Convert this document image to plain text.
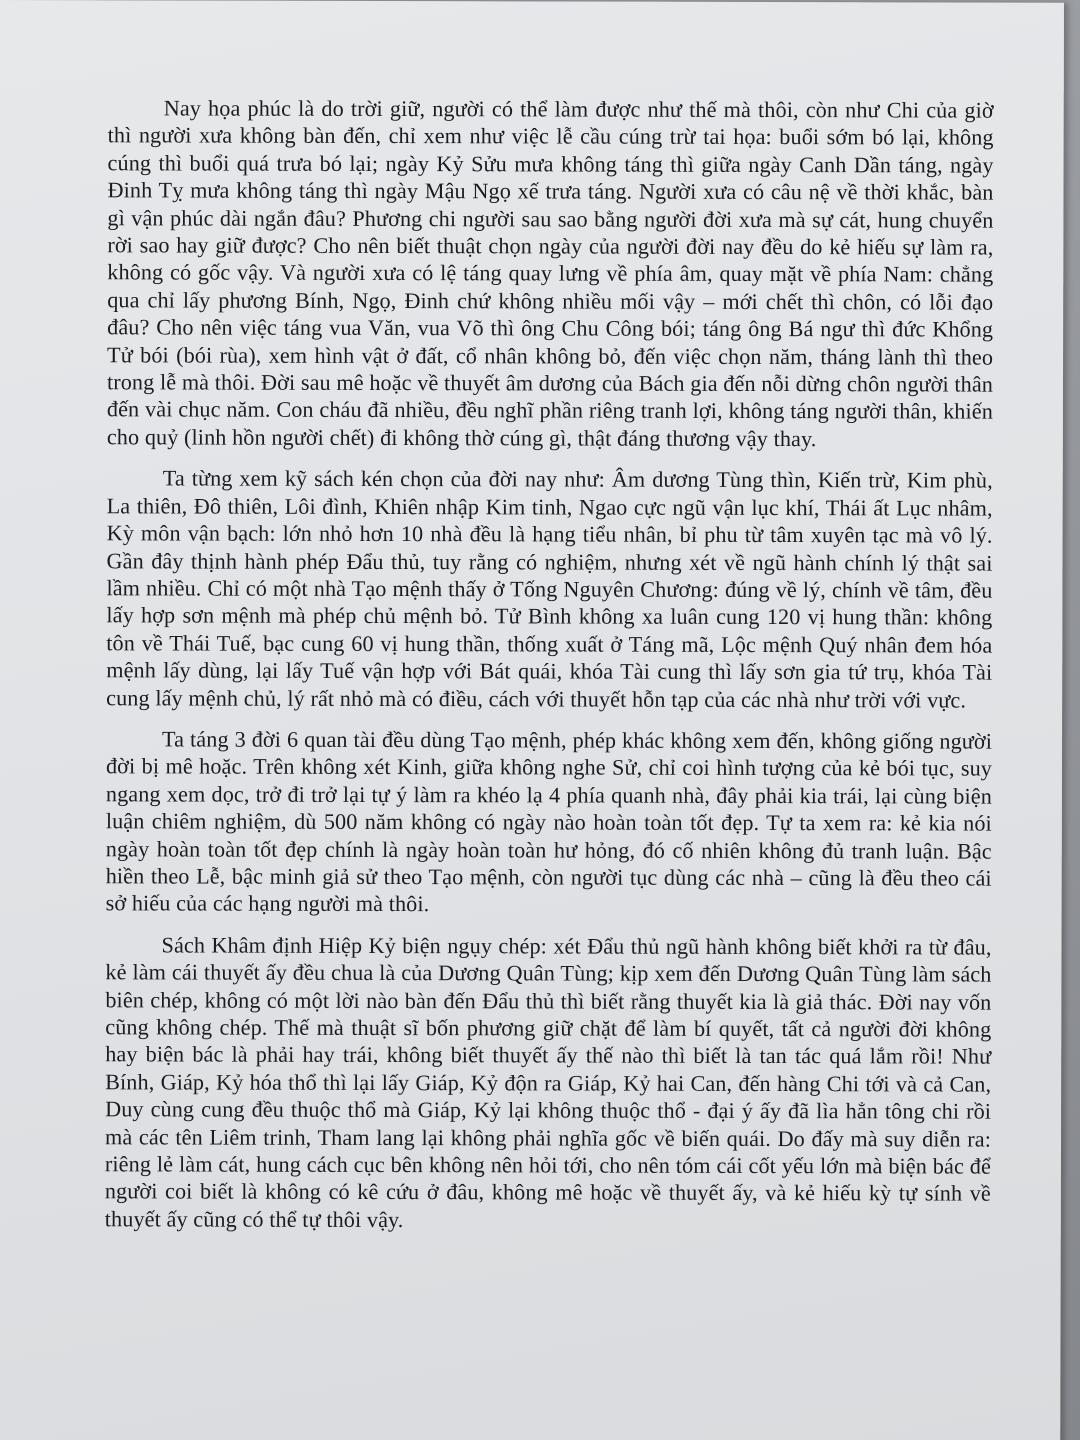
Nay họa phúc là do trời giữ, người có thể làm được như thế mà thôi, còn như Chi của giờ thì người xưa không bàn đến, chỉ xem như việc lễ cầu cúng trừ tai họa: buổi sớm bó lại, không cúng thì buổi quá trưa bó lại; ngày Kỷ Sửu mưa không táng thì giữa ngày Canh Dần táng, ngày Đinh Tỵ mưa không táng thì ngày Mậu Ngọ xế trưa táng. Người xưa có câu nệ về thời khắc, bàn gì vận phúc dài ngắn đâu? Phương chi người sau sao bằng người đời xưa mà sự cát, hung chuyển rời sao hay giữ được? Cho nên biết thuật chọn ngày của người đời nay đều do kẻ hiếu sự làm ra, không có gốc vậy. Và người xưa có lệ táng quay lưng về phía âm, quay mặt về phía Nam: chẳng qua chỉ lấy phương Bính, Ngọ, Đinh chứ không nhiều mối vậy – mới chết thì chôn, có lỗi đạo đâu? Cho nên việc táng vua Văn, vua Võ thì ông Chu Công bói; táng ông Bá ngư thì đức Khổng Tử bói (bói rùa), xem hình vật ở đất, cổ nhân không bỏ, đến việc chọn năm, tháng lành thì theo trong lễ mà thôi. Đời sau mê hoặc về thuyết âm dương của Bách gia đến nỗi dừng chôn người thân đến vài chục năm. Con cháu đã nhiều, đều nghĩ phần riêng tranh lợi, không táng người thân, khiến cho quỷ (linh hồn người chết) đi không thờ cúng gì, thật đáng thương vậy thay.

Ta từng xem kỹ sách kén chọn của đời nay như: Âm dương Tùng thìn, Kiến trừ, Kim phù, La thiên, Đô thiên, Lôi đình, Khiên nhập Kim tinh, Ngao cực ngũ vận lục khí, Thái ất Lục nhâm, Kỳ môn vận bạch: lớn nhỏ hơn 10 nhà đều là hạng tiểu nhân, bỉ phu từ tâm xuyên tạc mà vô lý. Gần đây thịnh hành phép Đẩu thủ, tuy rằng có nghiệm, nhưng xét về ngũ hành chính lý thật sai lầm nhiều. Chỉ có một nhà Tạo mệnh thấy ở Tống Nguyên Chương: đúng về lý, chính về tâm, đều lấy hợp sơn mệnh mà phép chủ mệnh bỏ. Tử Bình không xa luân cung 120 vị hung thần: không tôn về Thái Tuế, bạc cung 60 vị hung thần, thống xuất ở Táng mã, Lộc mệnh Quý nhân đem hóa mệnh lấy dùng, lại lấy Tuế vận hợp với Bát quái, khóa Tài cung thì lấy sơn gia tứ trụ, khóa Tài cung lấy mệnh chủ, lý rất nhỏ mà có điều, cách với thuyết hỗn tạp của các nhà như trời với vực.

Ta táng 3 đời 6 quan tài đều dùng Tạo mệnh, phép khác không xem đến, không giống người đời bị mê hoặc. Trên không xét Kinh, giữa không nghe Sử, chỉ coi hình tượng của kẻ bói tục, suy ngang xem dọc, trở đi trở lại tự ý làm ra khéo lạ 4 phía quanh nhà, đây phải kia trái, lại cùng biện luận chiêm nghiệm, dù 500 năm không có ngày nào hoàn toàn tốt đẹp. Tự ta xem ra: kẻ kia nói ngày hoàn toàn tốt đẹp chính là ngày hoàn toàn hư hỏng, đó cố nhiên không đủ tranh luận. Bậc hiền theo Lễ, bậc minh giả sử theo Tạo mệnh, còn người tục dùng các nhà – cũng là đều theo cái sở hiếu của các hạng người mà thôi.

Sách Khâm định Hiệp Kỷ biện ngụy chép: xét Đẩu thủ ngũ hành không biết khởi ra từ đâu, kẻ làm cái thuyết ấy đều chua là của Dương Quân Tùng; kịp xem đến Dương Quân Tùng làm sách biên chép, không có một lời nào bàn đến Đẩu thủ thì biết rằng thuyết kia là giả thác. Đời nay vốn cũng không chép. Thế mà thuật sĩ bốn phương giữ chặt để làm bí quyết, tất cả người đời không hay biện bác là phải hay trái, không biết thuyết ấy thế nào thì biết là tan tác quá lắm rồi! Như Bính, Giáp, Kỷ hóa thổ thì lại lấy Giáp, Kỷ độn ra Giáp, Kỷ hai Can, đến hàng Chi tới và cả Can, Duy cùng cung đều thuộc thổ mà Giáp, Kỷ lại không thuộc thổ - đại ý ấy đã lìa hẳn tông chi rồi mà các tên Liêm trinh, Tham lang lại không phải nghĩa gốc về biến quái. Do đấy mà suy diễn ra: riêng lẻ làm cát, hung cách cục bên không nên hỏi tới, cho nên tóm cái cốt yếu lớn mà biện bác để người coi biết là không có kê cứu ở đâu, không mê hoặc về thuyết ấy, và kẻ hiếu kỳ tự sính về thuyết ấy cũng có thể tự thôi vậy.
